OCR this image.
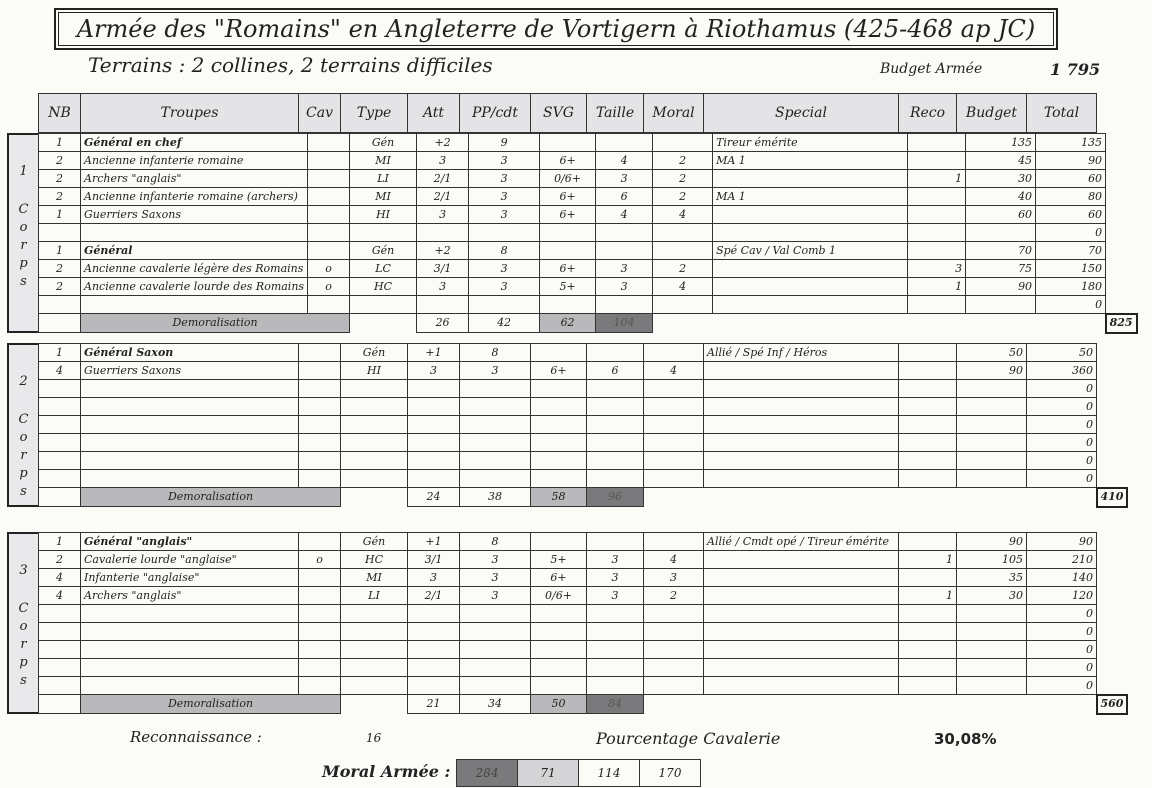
Armée des "Romains" en Angleterre de Vortigern à Riothamus (425-468 ap JC)
Terrains : 2 collines, 2 terrains difficiles	Budget Armée	1 795
NB	Troupes	Cav	Type	Att	PP/cdt	SVG	Taille	Moral	Special	Reco	Budget	Total
1
C
o
r
p
s
1	Général en chef		Gén	+2	9				Tireur émérite		135	135	
2	Ancienne infanterie romaine		MI	3	3	6+	4	2	MA 1		45	90	
2	Archers "anglais"		LI	2/1	3	0/6+	3	2		1	30	60	
2	Ancienne infanterie romaine (archers)		MI	2/1	3	6+	6	2	MA 1		40	80	
1	Guerriers Saxons		HI	3	3	6+	4	4			60	60	
												0	
1	Général		Gén	+2	8				Spé Cav / Val Comb 1		70	70	
2	Ancienne cavalerie légère des Romains	o	LC	3/1	3	6+	3	2		3	75	150	
2	Ancienne cavalerie lourde des Romains	o	HC	3	3	5+	3	4		1	90	180	
												0	
	Demoralisation			26	42	62	104						825
2
C
o
r
p
s
1	Général Saxon		Gén	+1	8				Allié / Spé Inf / Héros		50	50	
4	Guerriers Saxons		HI	3	3	6+	6	4			90	360	
												0	
												0	
												0	
												0	
												0	
												0	
	Demoralisation			24	38	58	96						410
3
C
o
r
p
s
1	Général "anglais"		Gén	+1	8				Allié / Cmdt opé / Tireur émérite		90	90	
2	Cavalerie lourde "anglaise"	o	HC	3/1	3	5+	3	4		1	105	210	
4	Infanterie "anglaise"		MI	3	3	6+	3	3			35	140	
4	Archers "anglais"		LI	2/1	3	0/6+	3	2		1	30	120	
												0	
												0	
												0	
												0	
												0	
	Demoralisation			21	34	50	84						560
Reconnaissance :	16	Pourcentage Cavalerie	30,08%
Moral Armée : 284	71	114	170
